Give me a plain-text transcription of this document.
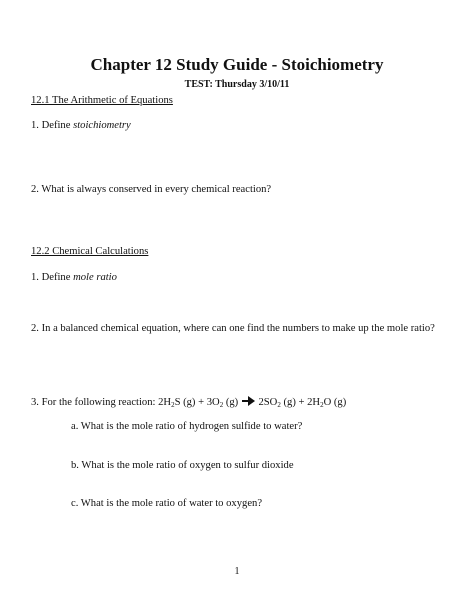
Chapter 12 Study Guide - Stoichiometry
TEST: Thursday 3/10/11
12.1 The Arithmetic of Equations
1. Define stoichiometry
2. What is always conserved in every chemical reaction?
12.2 Chemical Calculations
1. Define mole ratio
2. In a balanced chemical equation, where can one find the numbers to make up the mole ratio?
3. For the following reaction: $2H_2S$ $(g) + 3O_2$ $(g) \to 2SO_2$ $(g) + 2H_2O$ (g)
a. What is the mole ratio of hydrogen sulfide to water?
b. What is the mole ratio of oxygen to sulfur dioxide
c. What is the mole ratio of water to oxygen?
1
